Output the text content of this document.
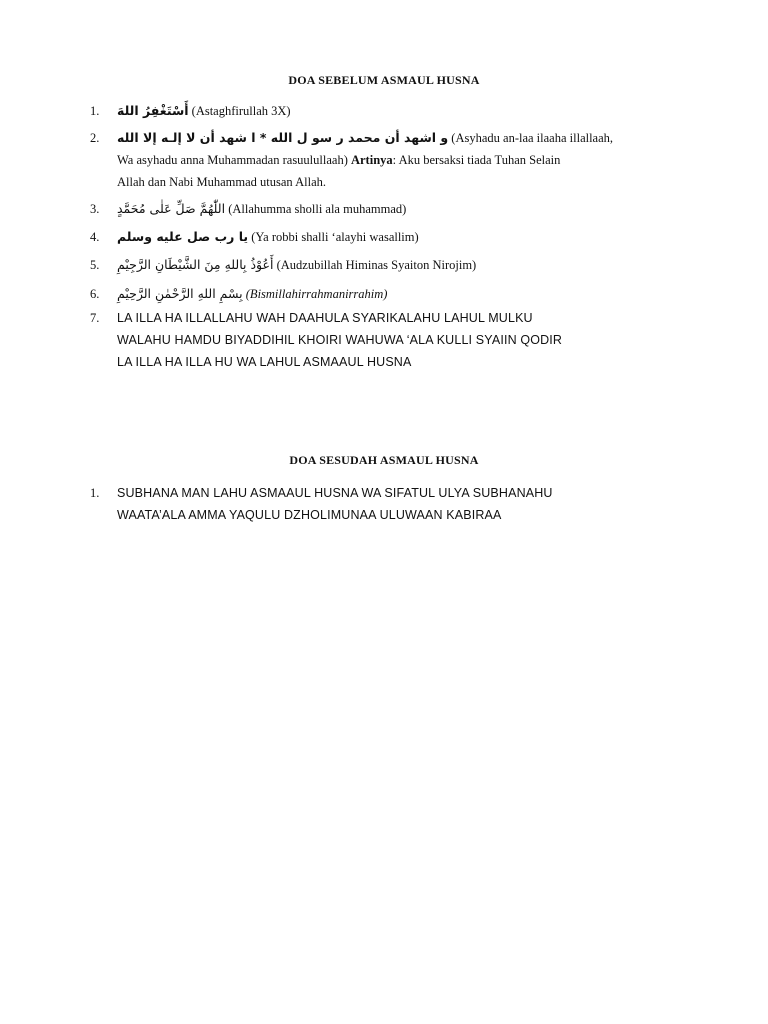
DOA SEBELUM ASMAUL HUSNA
1.	أَسْتَغْفِرُ اللهَ (Astaghfirullah 3X)
2.	و اشهد أن محمد ر سو ل الله * ا شهد أن لا إلـه إلا الله (Asyhadu an-laa ilaaha illallaah,
Wa asyhadu anna Muhammadan rasuulullaah) Artinya: Aku bersaksi tiada Tuhan Selain
Allah dan Nabi Muhammad utusan Allah.
3.	اللّٰهُمَّ صَلِّ عَلٰى مُحَمَّدٍ (Allahumma sholli ala muhammad)
4.	يا رب صل عليه وسلم (Ya robbi shalli ‘alayhi wasallim)
5.	أَعُوْذُ بِاللهِ مِنَ الشَّيْطَانِ الرَّجِيْمِ (Audzubillah Himinas Syaiton Nirojim)
6.	بِسْمِ اللهِ الرَّحْمٰنِ الرَّحِيْمِ (Bismillahirrahmanirrahim)
7.	LA ILLA HA ILLALLAHU WAH DAAHULA SYARIKALAHU LAHUL MULKU
WALAHU HAMDU BIYADDIHIL KHOIRI WAHUWA ‘ALA KULLI SYAIIN QODIR
LA ILLA HA ILLA HU WA LAHUL ASMAAUL HUSNA
DOA SESUDAH ASMAUL HUSNA
1.	SUBHANA MAN LAHU ASMAAUL HUSNA WA SIFATUL ULYA SUBHANAHU
WAATA’ALA AMMA YAQULU DZHOLIMUNAA ULUWAAN KABIRAA
